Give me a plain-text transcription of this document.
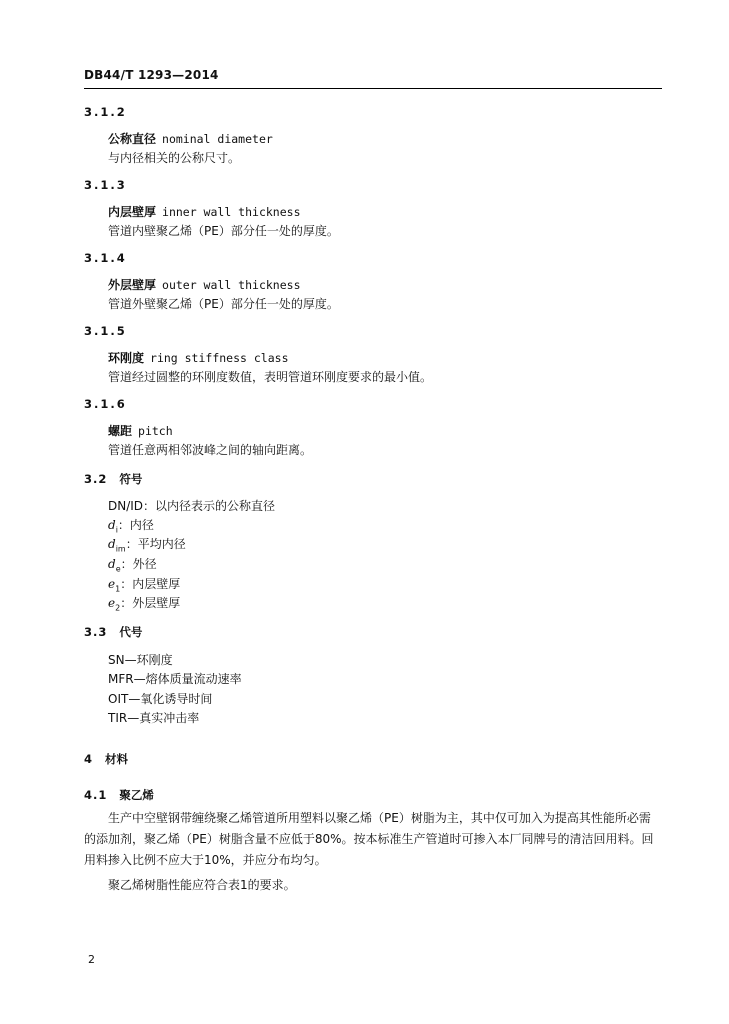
DB44/T 1293—2014
3.1.2
公称直径 nominal diameter
与内径相关的公称尺寸。
3.1.3
内层壁厚 inner wall thickness
管道内壁聚乙烯（PE）部分任一处的厚度。
3.1.4
外层壁厚 outer wall thickness
管道外壁聚乙烯（PE）部分任一处的厚度。
3.1.5
环刚度 ring stiffness class
管道经过圆整的环刚度数值，表明管道环刚度要求的最小值。
3.1.6
螺距 pitch
管道任意两相邻波峰之间的轴向距离。
3.2 符号
DN/ID：以内径表示的公称直径
$d_i$：内径
$d_{im}$：平均内径
$d_e$：外径
$e_1$：内层壁厚
$e_2$：外层壁厚
3.3 代号
SN—环刚度
MFR—熔体质量流动速率
OIT—氧化诱导时间
TIR—真实冲击率
4 材料
4.1 聚乙烯
生产中空壁钢带缠绕聚乙烯管道所用塑料以聚乙烯（PE）树脂为主，其中仅可加入为提高其性能所必需的添加剂，聚乙烯（PE）树脂含量不应低于80%。按本标准生产管道时可掺入本厂同牌号的清洁回用料。回用料掺入比例不应大于10%，并应分布均匀。
聚乙烯树脂性能应符合表1的要求。
2
